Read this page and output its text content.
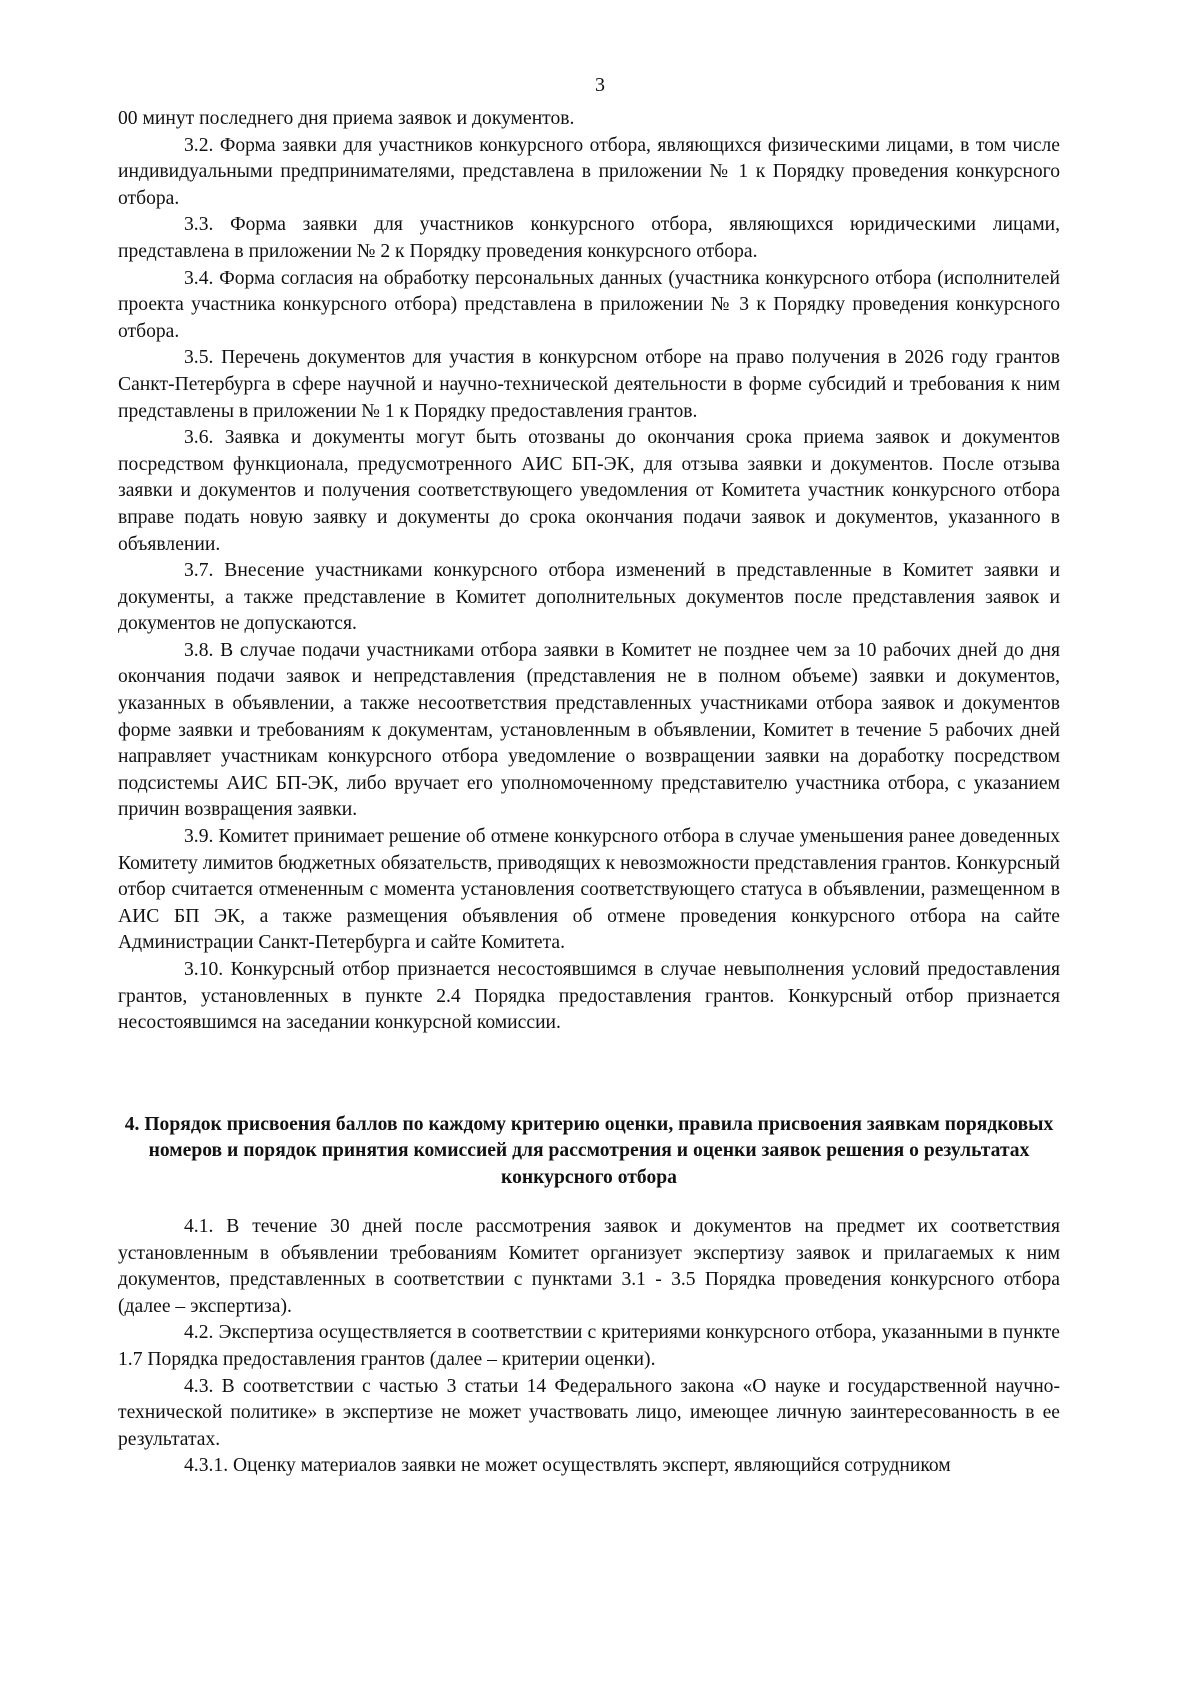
3

00 минут последнего дня приема заявок и документов.

3.2. Форма заявки для участников конкурсного отбора, являющихся физическими лицами, в том числе индивидуальными предпринимателями, представлена в приложении № 1 к Порядку проведения конкурсного отбора.

3.3. Форма заявки для участников конкурсного отбора, являющихся юридическими лицами, представлена в приложении № 2 к Порядку проведения конкурсного отбора.

3.4. Форма согласия на обработку персональных данных (участника конкурсного отбора (исполнителей проекта участника конкурсного отбора) представлена в приложении № 3 к Порядку проведения конкурсного отбора.

3.5. Перечень документов для участия в конкурсном отборе на право получения в 2026 году грантов Санкт-Петербурга в сфере научной и научно-технической деятельности в форме субсидий и требования к ним представлены в приложении № 1 к Порядку предоставления грантов.

3.6. Заявка и документы могут быть отозваны до окончания срока приема заявок и документов посредством функционала, предусмотренного АИС БП-ЭК, для отзыва заявки и документов. После отзыва заявки и документов и получения соответствующего уведомления от Комитета участник конкурсного отбора вправе подать новую заявку и документы до срока окончания подачи заявок и документов, указанного в объявлении.

3.7. Внесение участниками конкурсного отбора изменений в представленные в Комитет заявки и документы, а также представление в Комитет дополнительных документов после представления заявок и документов не допускаются.

3.8. В случае подачи участниками отбора заявки в Комитет не позднее чем за 10 рабочих дней до дня окончания подачи заявок и непредставления (представления не в полном объеме) заявки и документов, указанных в объявлении, а также несоответствия представленных участниками отбора заявок и документов форме заявки и требованиям к документам, установленным в объявлении, Комитет в течение 5 рабочих дней направляет участникам конкурсного отбора уведомление о возвращении заявки на доработку посредством подсистемы АИС БП-ЭК, либо вручает его уполномоченному представителю участника отбора, с указанием причин возвращения заявки.

3.9. Комитет принимает решение об отмене конкурсного отбора в случае уменьшения ранее доведенных Комитету лимитов бюджетных обязательств, приводящих к невозможности представления грантов. Конкурсный отбор считается отмененным с момента установления соответствующего статуса в объявлении, размещенном в АИС БП ЭК, а также размещения объявления об отмене проведения конкурсного отбора на сайте Администрации Санкт-Петербурга и сайте Комитета.

3.10. Конкурсный отбор признается несостоявшимся в случае невыполнения условий предоставления грантов, установленных в пункте 2.4 Порядка предоставления грантов. Конкурсный отбор признается несостоявшимся на заседании конкурсной комиссии.

4. Порядок присвоения баллов по каждому критерию оценки, правила присвоения заявкам порядковых номеров и порядок принятия комиссией для рассмотрения и оценки заявок решения о результатах конкурсного отбора

4.1. В течение 30 дней после рассмотрения заявок и документов на предмет их соответствия установленным в объявлении требованиям Комитет организует экспертизу заявок и прилагаемых к ним документов, представленных в соответствии с пунктами 3.1 - 3.5 Порядка проведения конкурсного отбора (далее – экспертиза).

4.2. Экспертиза осуществляется в соответствии с критериями конкурсного отбора, указанными в пункте 1.7 Порядка предоставления грантов (далее – критерии оценки).

4.3. В соответствии с частью 3 статьи 14 Федерального закона «О науке и государственной научно-технической политике» в экспертизе не может участвовать лицо, имеющее личную заинтересованность в ее результатах.

4.3.1. Оценку материалов заявки не может осуществлять эксперт, являющийся сотрудником
